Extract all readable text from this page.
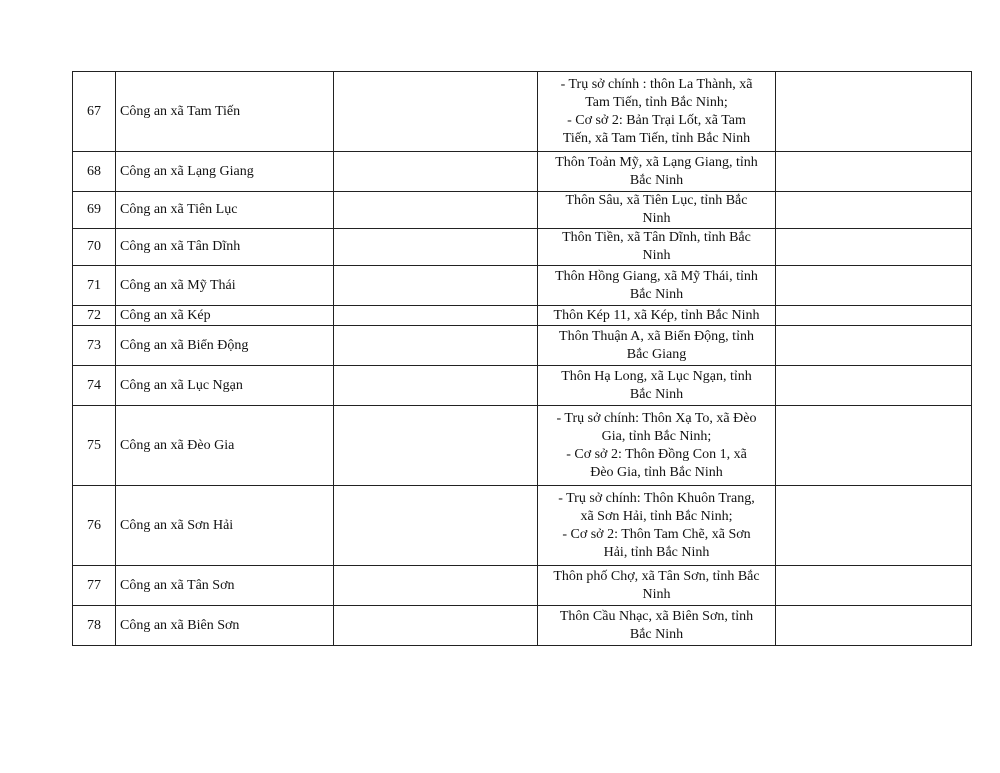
67	Công an xã Tam Tiến		- Trụ sở chính : thôn La Thành, xã
Tam Tiến, tỉnh Bắc Ninh;
- Cơ sở 2: Bản Trại Lốt, xã Tam
Tiến, xã Tam Tiến, tỉnh Bắc Ninh	

68	Công an xã Lạng Giang		Thôn Toản Mỹ, xã Lạng Giang, tỉnh
Bắc Ninh	

69	Công an xã Tiên Lục		Thôn Sâu, xã Tiên Lục, tỉnh Bắc
Ninh	

70	Công an xã Tân Dĩnh		Thôn Tiền, xã Tân Dĩnh, tỉnh Bắc
Ninh	

71	Công an xã Mỹ Thái		Thôn Hồng Giang, xã Mỹ Thái, tỉnh
Bắc Ninh	

72	Công an xã Kép		Thôn Kép 11, xã Kép, tỉnh Bắc Ninh	

73	Công an xã Biển Động		Thôn Thuận A, xã Biển Động, tỉnh
Bắc Giang	

74	Công an xã Lục Ngạn		Thôn Hạ Long, xã Lục Ngạn, tỉnh
Bắc Ninh	

75	Công an xã Đèo Gia		- Trụ sở chính: Thôn Xạ To, xã Đèo
Gia, tỉnh Bắc Ninh;
- Cơ sở 2: Thôn Đồng Con 1, xã
Đèo Gia, tỉnh Bắc Ninh	

76	Công an xã Sơn Hải		- Trụ sở chính: Thôn Khuôn Trang,
xã Sơn Hải, tỉnh Bắc Ninh;
- Cơ sở 2: Thôn Tam Chẽ, xã Sơn
Hải, tỉnh Bắc Ninh	

77	Công an xã Tân Sơn		Thôn phố Chợ, xã Tân Sơn, tỉnh Bắc
Ninh	

78	Công an xã Biên Sơn		Thôn Cầu Nhạc, xã Biên Sơn, tỉnh
Bắc Ninh	
